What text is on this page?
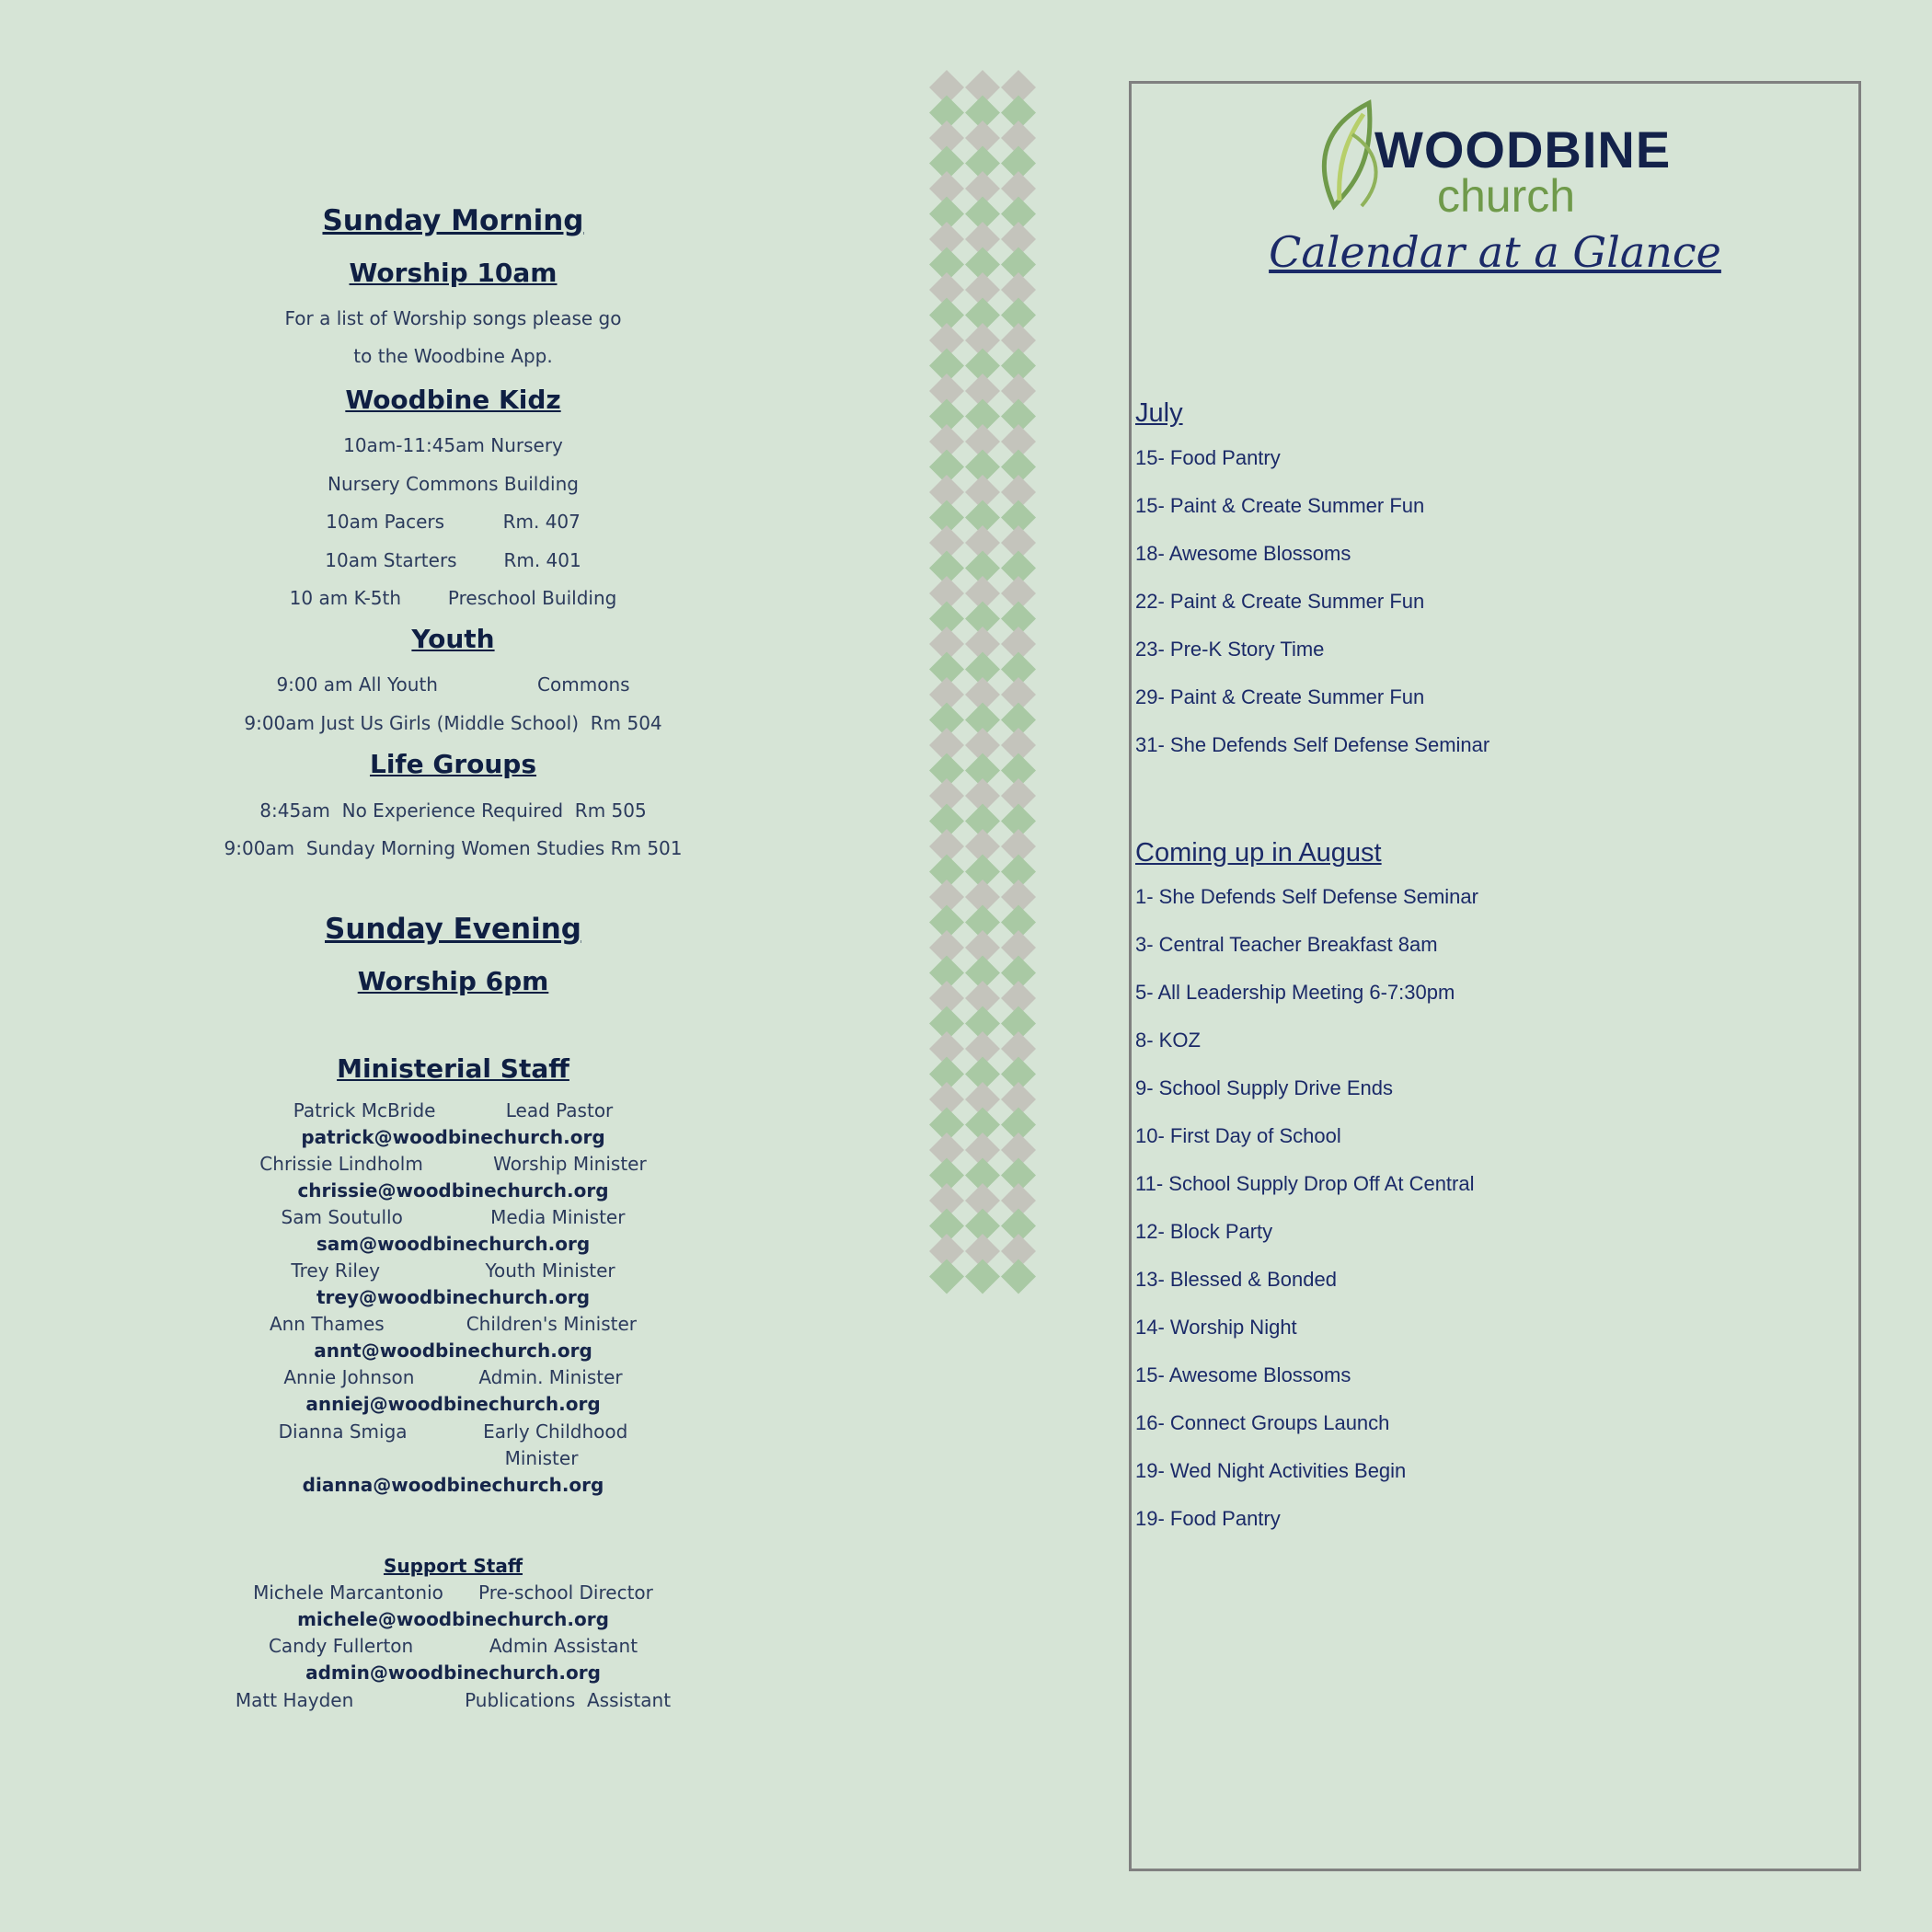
Sunday Morning
Worship 10am
For a list of Worship songs please go
to the Woodbine App.
Woodbine Kidz
10am-11:45am Nursery
Nursery Commons Building
10am Pacers          Rm. 407
10am Starters        Rm. 401
10 am K-5th        Preschool Building
Youth
9:00 am All Youth                 Commons
9:00am Just Us Girls (Middle School)  Rm 504
Life Groups
8:45am  No Experience Required  Rm 505
9:00am  Sunday Morning Women Studies Rm 501
Sunday Evening
Worship 6pm
Ministerial Staff
Patrick McBride            Lead Pastor
patrick@woodbinechurch.org
Chrissie Lindholm            Worship Minister
chrissie@woodbinechurch.org
Sam Soutullo               Media Minister
sam@woodbinechurch.org
Trey Riley                  Youth Minister
trey@woodbinechurch.org
Ann Thames              Children's Minister
annt@woodbinechurch.org
Annie Johnson           Admin. Minister
anniej@woodbinechurch.org
Dianna Smiga             Early Childhood
Minister
dianna@woodbinechurch.org
Support Staff
Michele Marcantonio      Pre-school Director
michele@woodbinechurch.org
Candy Fullerton             Admin Assistant
admin@woodbinechurch.org
Matt Hayden                   Publications  Assistant
WOODBINE
church
Calendar at a Glance
July
15- Food Pantry
15- Paint & Create Summer Fun
18- Awesome Blossoms
22- Paint & Create Summer Fun
23- Pre-K Story Time
29- Paint & Create Summer Fun
31- She Defends Self Defense Seminar
Coming up in August
1- She Defends Self Defense Seminar
3- Central Teacher Breakfast 8am
5- All Leadership Meeting 6-7:30pm
8- KOZ
9- School Supply Drive Ends
10- First Day of School
11- School Supply Drop Off At Central
12- Block Party
13- Blessed & Bonded
14- Worship Night
15- Awesome Blossoms
16- Connect Groups Launch
19- Wed Night Activities Begin
19- Food Pantry
